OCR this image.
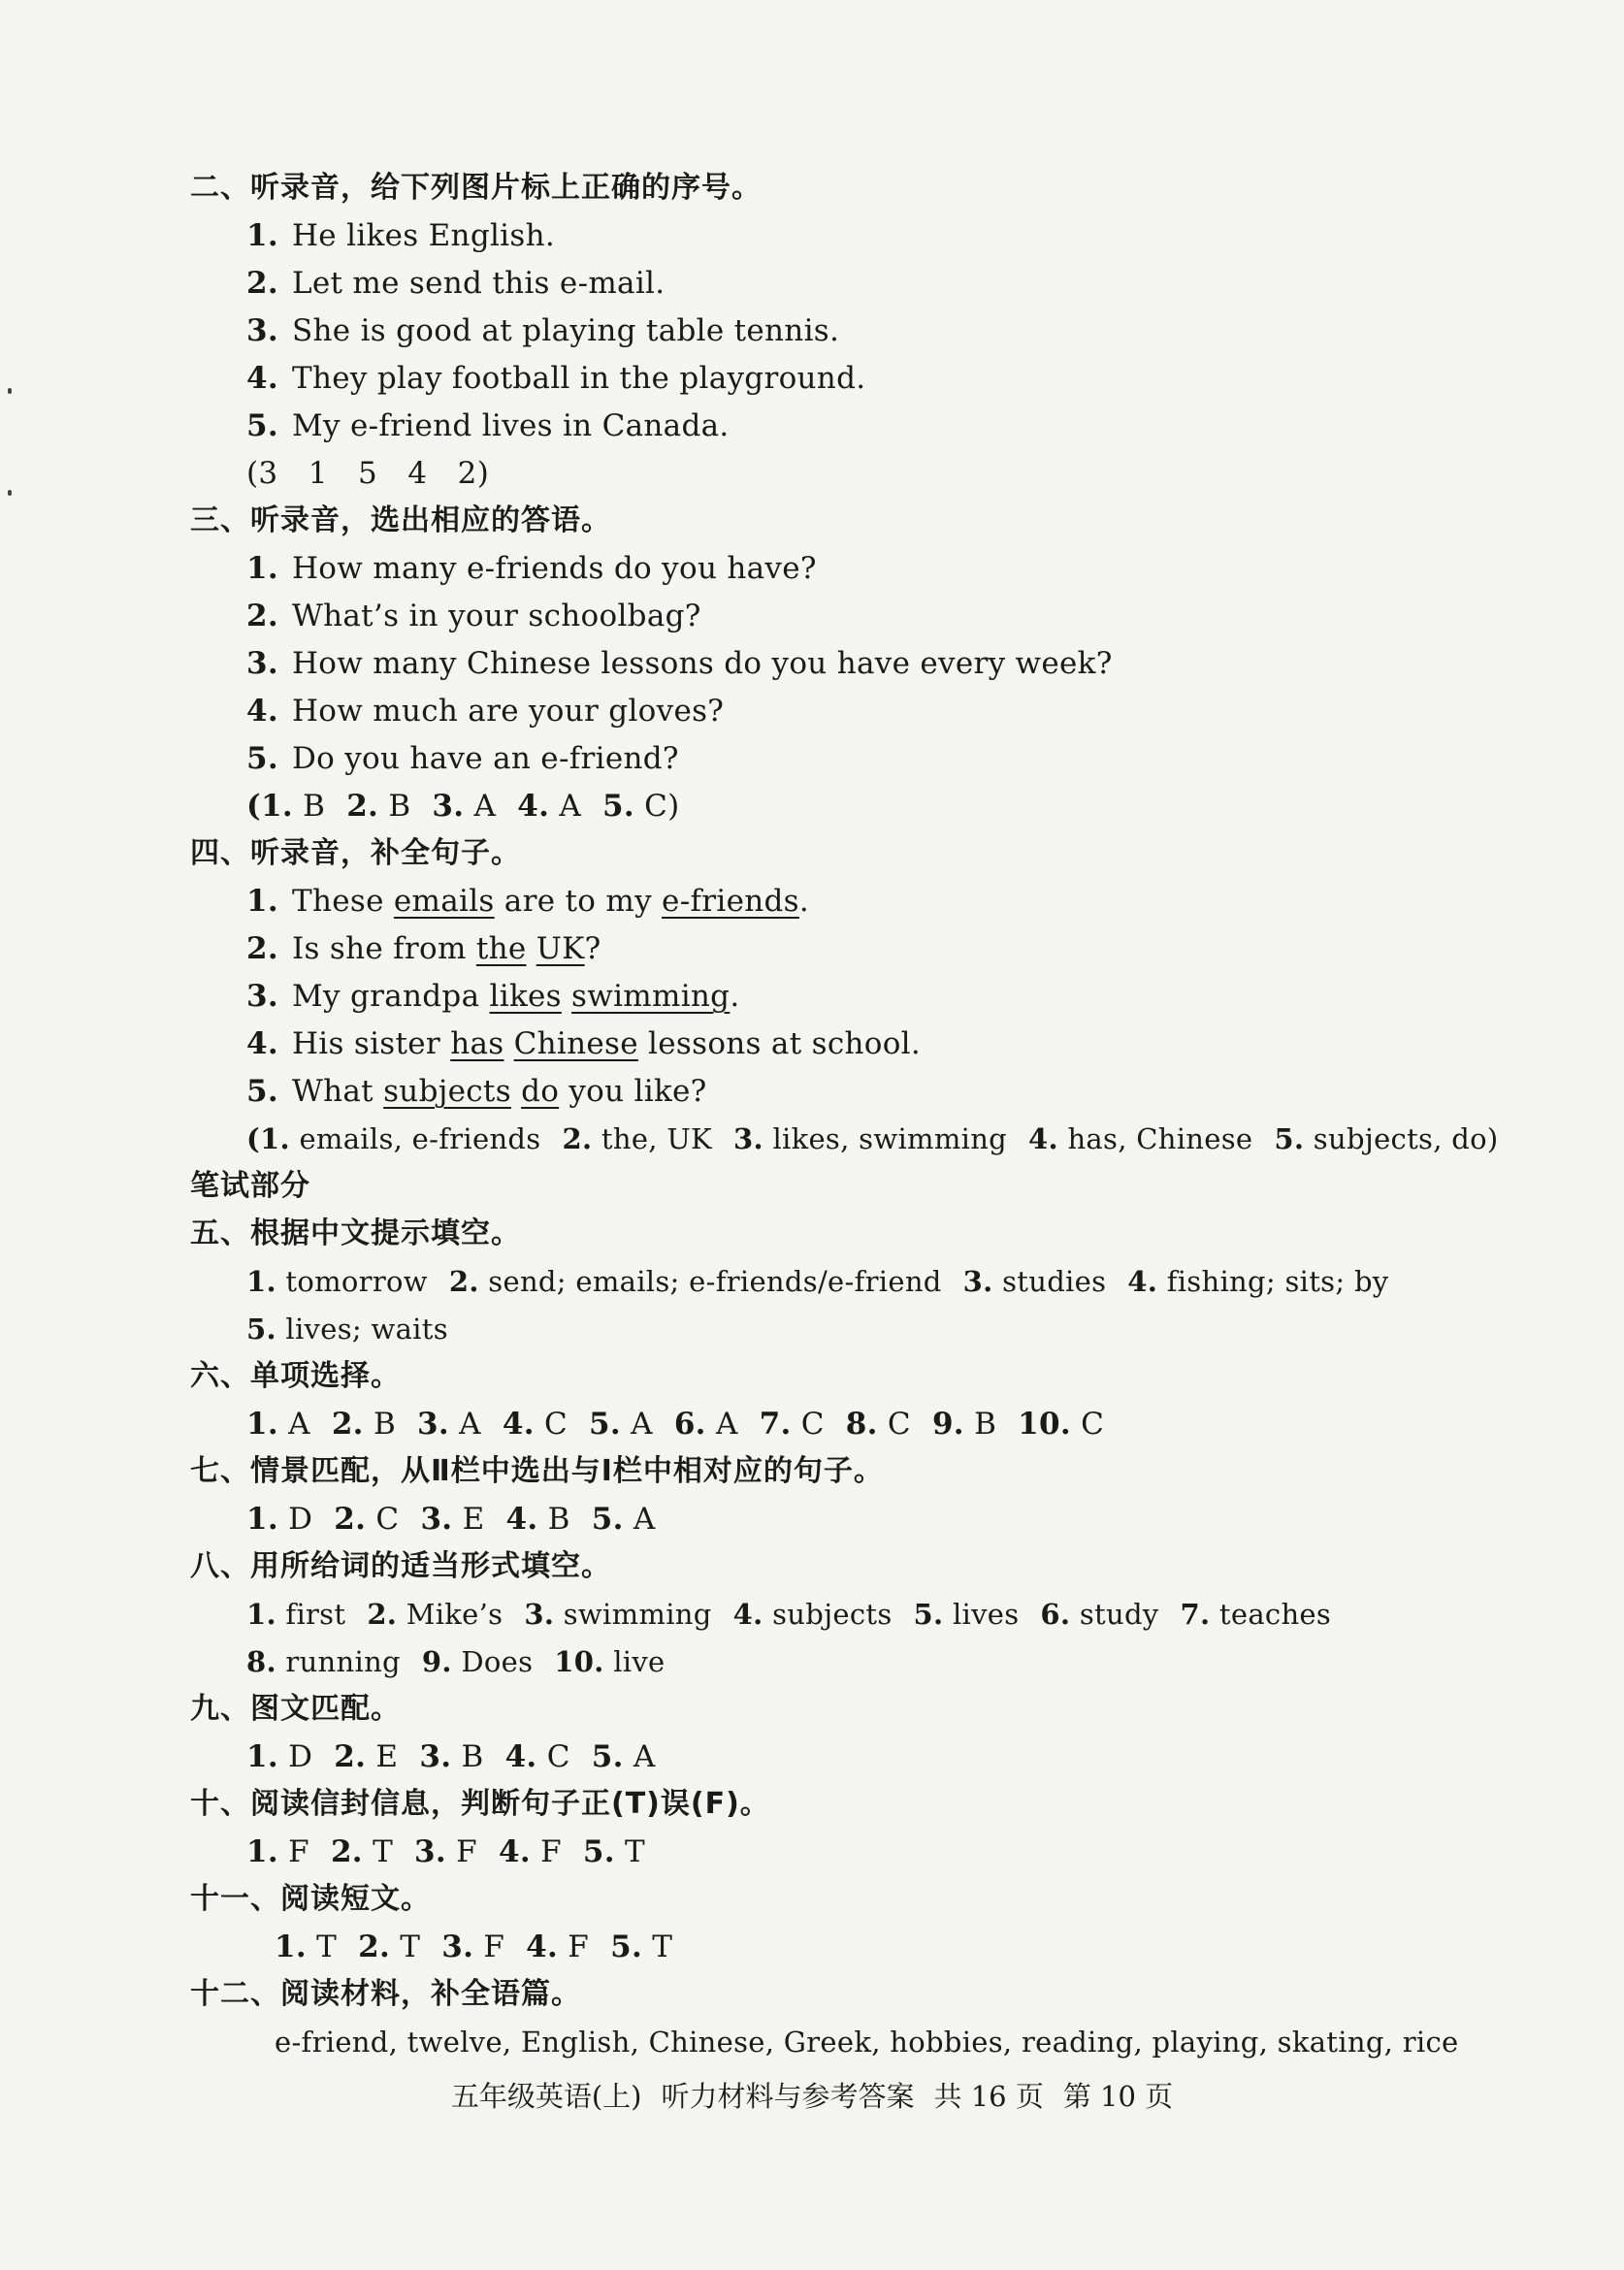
二、听录音，给下列图片标上正确的序号。
1. He likes English.
2. Let me send this e-mail.
3. She is good at playing table tennis.
4. They play football in the playground.
5. My e-friend lives in Canada.
(3　1　5　4　2)
三、听录音，选出相应的答语。
1. How many e-friends do you have?
2. What’s in your schoolbag?
3. How many Chinese lessons do you have every week?
4. How much are your gloves?
5. Do you have an e-friend?
(1. B 2. B 3. A 4. A 5. C)
四、听录音，补全句子。
1. These emails are to my e-friends.
2. Is she from the UK?
3. My grandpa likes swimming.
4. His sister has Chinese lessons at school.
5. What subjects do you like?
(1. emails, e-friends 2. the, UK 3. likes, swimming 4. has, Chinese 5. subjects, do)
笔试部分
五、根据中文提示填空。
1. tomorrow 2. send; emails; e-friends/e-friend 3. studies 4. fishing; sits; by
5. lives; waits
六、单项选择。
1. A 2. B 3. A 4. C 5. A 6. A 7. C 8. C 9. B 10. C
七、情景匹配，从Ⅱ栏中选出与Ⅰ栏中相对应的句子。
1. D 2. C 3. E 4. B 5. A
八、用所给词的适当形式填空。
1. first 2. Mike’s 3. swimming 4. subjects 5. lives 6. study 7. teaches
8. running 9. Does 10. live
九、图文匹配。
1. D 2. E 3. B 4. C 5. A
十、阅读信封信息，判断句子正(T)误(F)。
1. F 2. T 3. F 4. F 5. T
十一、阅读短文。
1. T 2. T 3. F 4. F 5. T
十二、阅读材料，补全语篇。
e-friend, twelve, English, Chinese, Greek, hobbies, reading, playing, skating, rice
五年级英语(上) 听力材料与参考答案 共 16 页 第 10 页
